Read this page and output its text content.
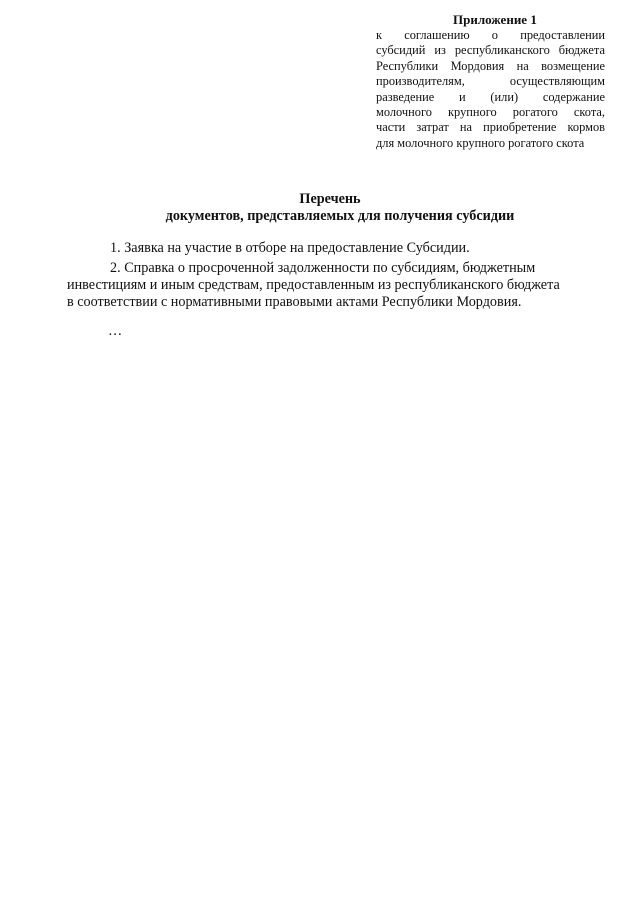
Приложение 1
к соглашению о предоставлении
субсидий из республиканского бюджета
Республики Мордовия на возмещение
производителям, осуществляющим
разведение и (или) содержание
молочного крупного рогатого скота,
части затрат на приобретение кормов
для молочного крупного рогатого скота
Перечень
документов, представляемых для получения субсидии
1. Заявка на участие в отборе на предоставление Субсидии.
2. Справка о просроченной задолженности по субсидиям, бюджетным
инвестициям и иным средствам, предоставленным из республиканского бюджета
в соответствии с нормативными правовыми актами Республики Мордовия.
…
